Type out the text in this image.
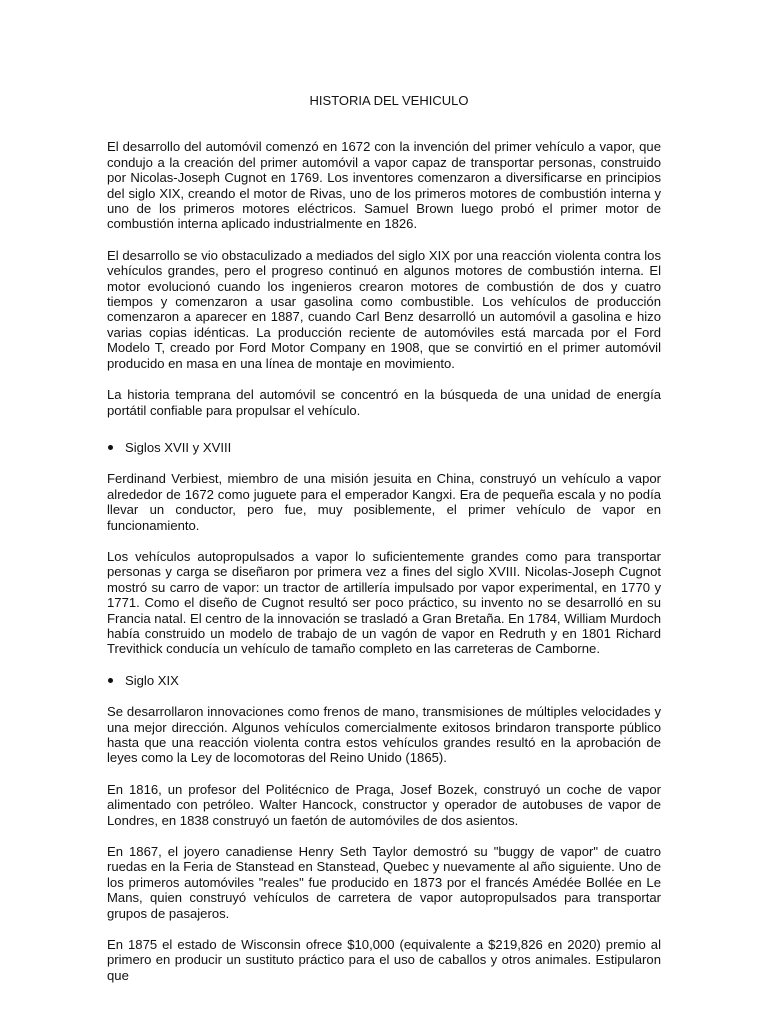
HISTORIA DEL VEHICULO

El desarrollo del automóvil comenzó en 1672 con la invención del primer vehículo a vapor, que condujo a la creación del primer automóvil a vapor capaz de transportar personas, construido por Nicolas-Joseph Cugnot en 1769. Los inventores comenzaron a diversificarse en principios del siglo XIX, creando el motor de Rivas, uno de los primeros motores de combustión interna y uno de los primeros motores eléctricos. Samuel Brown luego probó el primer motor de combustión interna aplicado industrialmente en 1826.

El desarrollo se vio obstaculizado a mediados del siglo XIX por una reacción violenta contra los vehículos grandes, pero el progreso continuó en algunos motores de combustión interna. El motor evolucionó cuando los ingenieros crearon motores de combustión de dos y cuatro tiempos y comenzaron a usar gasolina como combustible. Los vehículos de producción comenzaron a aparecer en 1887, cuando Carl Benz desarrolló un automóvil a gasolina e hizo varias copias idénticas. La producción reciente de automóviles está marcada por el Ford Modelo T, creado por Ford Motor Company en 1908, que se convirtió en el primer automóvil producido en masa en una línea de montaje en movimiento.

La historia temprana del automóvil se concentró en la búsqueda de una unidad de energía portátil confiable para propulsar el vehículo.

Siglos XVII y XVIII

Ferdinand Verbiest, miembro de una misión jesuita en China, construyó un vehículo a vapor alrededor de 1672 como juguete para el emperador Kangxi. Era de pequeña escala y no podía llevar un conductor, pero fue, muy posiblemente, el primer vehículo de vapor en funcionamiento.

Los vehículos autopropulsados a vapor lo suficientemente grandes como para transportar personas y carga se diseñaron por primera vez a fines del siglo XVIII. Nicolas-Joseph Cugnot mostró su carro de vapor: un tractor de artillería impulsado por vapor experimental, en 1770 y 1771. Como el diseño de Cugnot resultó ser poco práctico, su invento no se desarrolló en su Francia natal. El centro de la innovación se trasladó a Gran Bretaña. En 1784, William Murdoch había construido un modelo de trabajo de un vagón de vapor en Redruth y en 1801 Richard Trevithick conducía un vehículo de tamaño completo en las carreteras de Camborne.

Siglo XIX

Se desarrollaron innovaciones como frenos de mano, transmisiones de múltiples velocidades y una mejor dirección. Algunos vehículos comercialmente exitosos brindaron transporte público hasta que una reacción violenta contra estos vehículos grandes resultó en la aprobación de leyes como la Ley de locomotoras del Reino Unido (1865).

En 1816, un profesor del Politécnico de Praga, Josef Bozek, construyó un coche de vapor alimentado con petróleo. Walter Hancock, constructor y operador de autobuses de vapor de Londres, en 1838 construyó un faetón de automóviles de dos asientos.

En 1867, el joyero canadiense Henry Seth Taylor demostró su "buggy de vapor" de cuatro ruedas en la Feria de Stanstead en Stanstead, Quebec y nuevamente al año siguiente. Uno de los primeros automóviles "reales" fue producido en 1873 por el francés Amédée Bollée en Le Mans, quien construyó vehículos de carretera de vapor autopropulsados para transportar grupos de pasajeros.

En 1875 el estado de Wisconsin ofrece $10,000 (equivalente a $219,826 en 2020) premio al primero en producir un sustituto práctico para el uso de caballos y otros animales. Estipularon que
